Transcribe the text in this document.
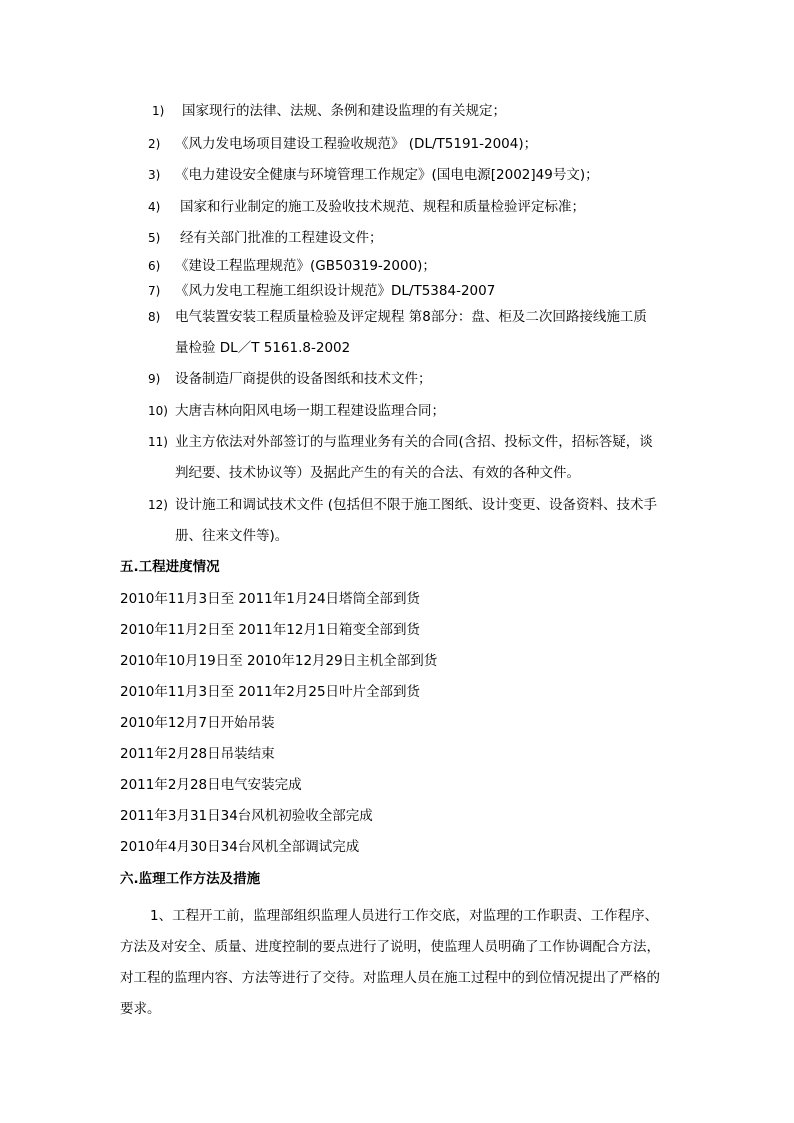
1) 国家现行的法律、法规、条例和建设监理的有关规定；
2) 《风力发电场项目建设工程验收规范》 (DL/T5191-2004)；
3) 《电力建设安全健康与环境管理工作规定》(国电电源[2002]49号文)；
4) 国家和行业制定的施工及验收技术规范、规程和质量检验评定标准；
5) 经有关部门批准的工程建设文件；
6) 《建设工程监理规范》(GB50319-2000)；
7) 《风力发电工程施工组织设计规范》DL/T5384-2007
8) 电气装置安装工程质量检验及评定规程 第8部分：盘、柜及二次回路接线施工质
量检验 DL／T 5161.8-2002
9) 设备制造厂商提供的设备图纸和技术文件；
10) 大唐吉林向阳风电场一期工程建设监理合同；
11) 业主方依法对外部签订的与监理业务有关的合同(含招、投标文件，招标答疑，谈
判纪要、技术协议等）及据此产生的有关的合法、有效的各种文件。
12) 设计施工和调试技术文件 (包括但不限于施工图纸、设计变更、设备资料、技术手
册、往来文件等)。
五.工程进度情况
2010年11月3日至 2011年1月24日塔筒全部到货
2010年11月2日至 2011年12月1日箱变全部到货
2010年10月19日至 2010年12月29日主机全部到货
2010年11月3日至 2011年2月25日叶片全部到货
2010年12月7日开始吊装
2011年2月28日吊装结束
2011年2月28日电气安装完成
2011年3月31日34台风机初验收全部完成
2010年4月30日34台风机全部调试完成
六.监理工作方法及措施
1、工程开工前，监理部组织监理人员进行工作交底，对监理的工作职责、工作程序、
方法及对安全、质量、进度控制的要点进行了说明，使监理人员明确了工作协调配合方法，
对工程的监理内容、方法等进行了交待。对监理人员在施工过程中的到位情况提出了严格的
要求。
